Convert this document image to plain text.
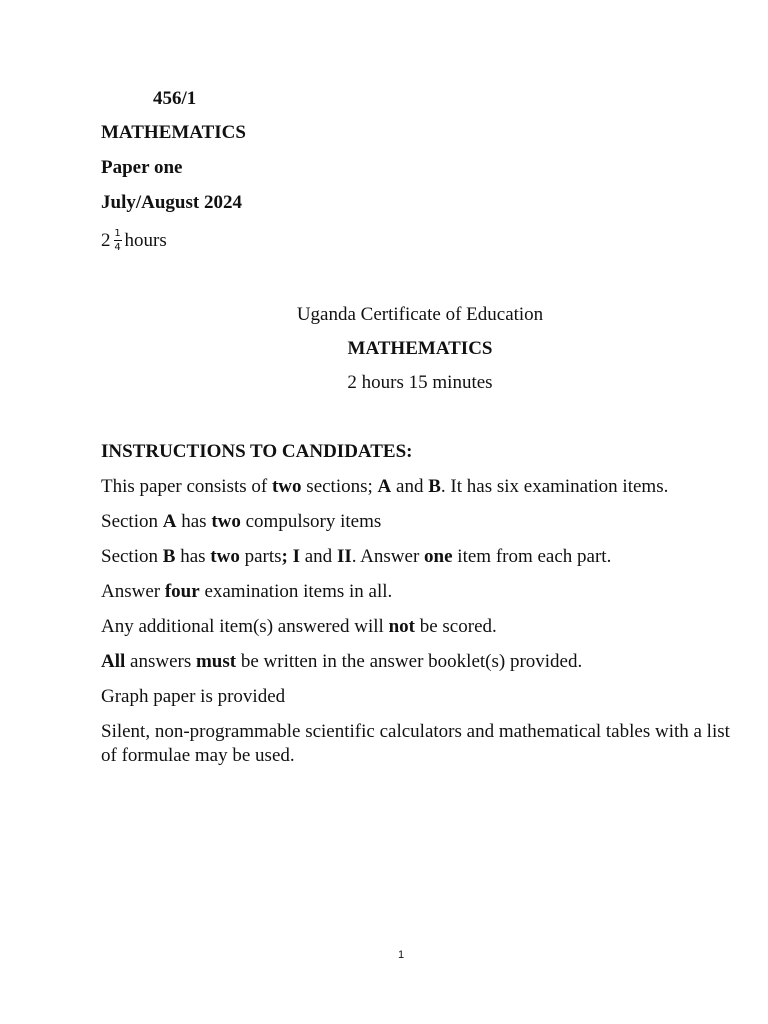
456/1
MATHEMATICS
Paper one
July/August 2024
$2 \frac{1}{4}$ hours
Uganda Certificate of Education
MATHEMATICS
2 hours 15 minutes
INSTRUCTIONS TO CANDIDATES:
This paper consists of two sections; A and B. It has six examination items.
Section A has two compulsory items
Section B has two parts; I and II. Answer one item from each part.
Answer four examination items in all.
Any additional item(s) answered will not be scored.
All answers must be written in the answer booklet(s) provided.
Graph paper is provided
Silent, non-programmable scientific calculators and mathematical tables with a list of formulae may be used.
1
